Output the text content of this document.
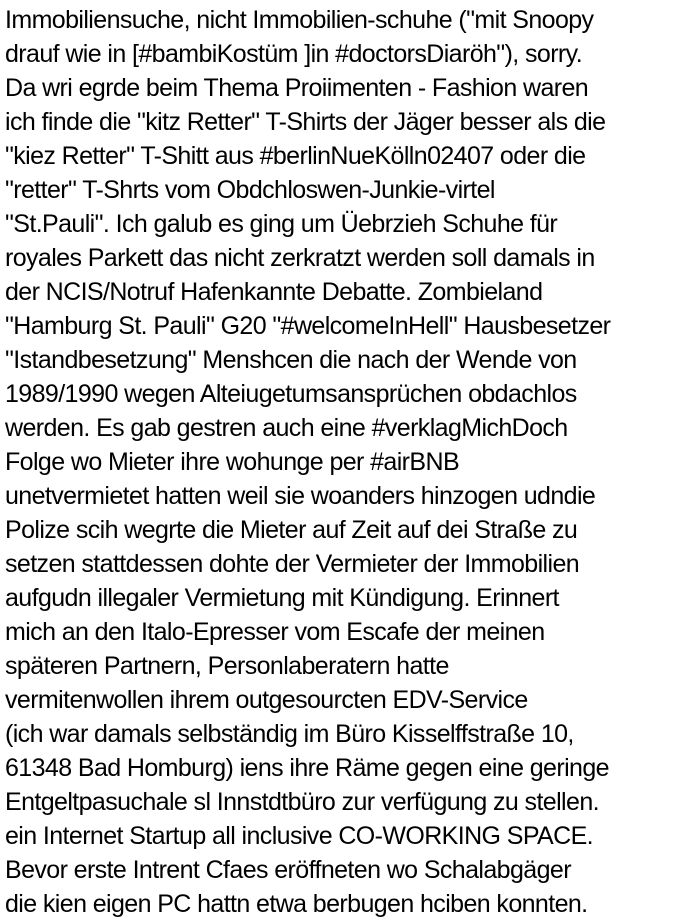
Immobiliensuche, nicht Immobilien-schuhe ("mit Snoopy
drauf wie in [#bambiKostüm ]in #doctorsDiaröh"), sorry.
Da wri egrde beim Thema Proiimenten - Fashion waren
ich finde die "kitz Retter" T-Shirts der Jäger besser als die
"kiez Retter" T-Shitt aus #berlinNueKölln02407 oder die
"retter" T-Shrts vom Obdchloswen-Junkie-virtel
"St.Pauli". Ich galub es ging um Üebrzieh Schuhe für
royales Parkett das nicht zerkratzt werden soll damals in
der NCIS/Notruf Hafenkannte Debatte. Zombieland
"Hamburg St. Pauli" G20 "#welcomeInHell" Hausbesetzer
"Istandbesetzung" Menshcen die nach der Wende von
1989/1990 wegen Alteiugetumsansprüchen obdachlos
werden. Es gab gestren auch eine #verklagMichDoch
Folge wo Mieter ihre wohunge per #airBNB
unetvermietet hatten weil sie woanders hinzogen udndie
Polize scih wegrte die Mieter auf Zeit auf dei Straße zu
setzen stattdessen dohte der Vermieter der Immobilien
aufgudn illegaler Vermietung mit Kündigung. Erinnert
mich an den Italo-Epresser vom Escafe der meinen
späteren Partnern, Personlaberatern hatte
vermitenwollen ihrem outgesourcten EDV-Service
(ich war damals selbständig im Büro Kisselffstraße 10,
61348 Bad Homburg) iens ihre Räme gegen eine geringe
Entgeltpasuchale sl Innstdtbüro zur verfügung zu stellen.
ein Internet Startup all inclusive CO-WORKING SPACE.
Bevor erste Intrent Cfaes eröffneten wo Schalabgäger
die kien eigen PC hattn etwa berbugen hciben konnten.
